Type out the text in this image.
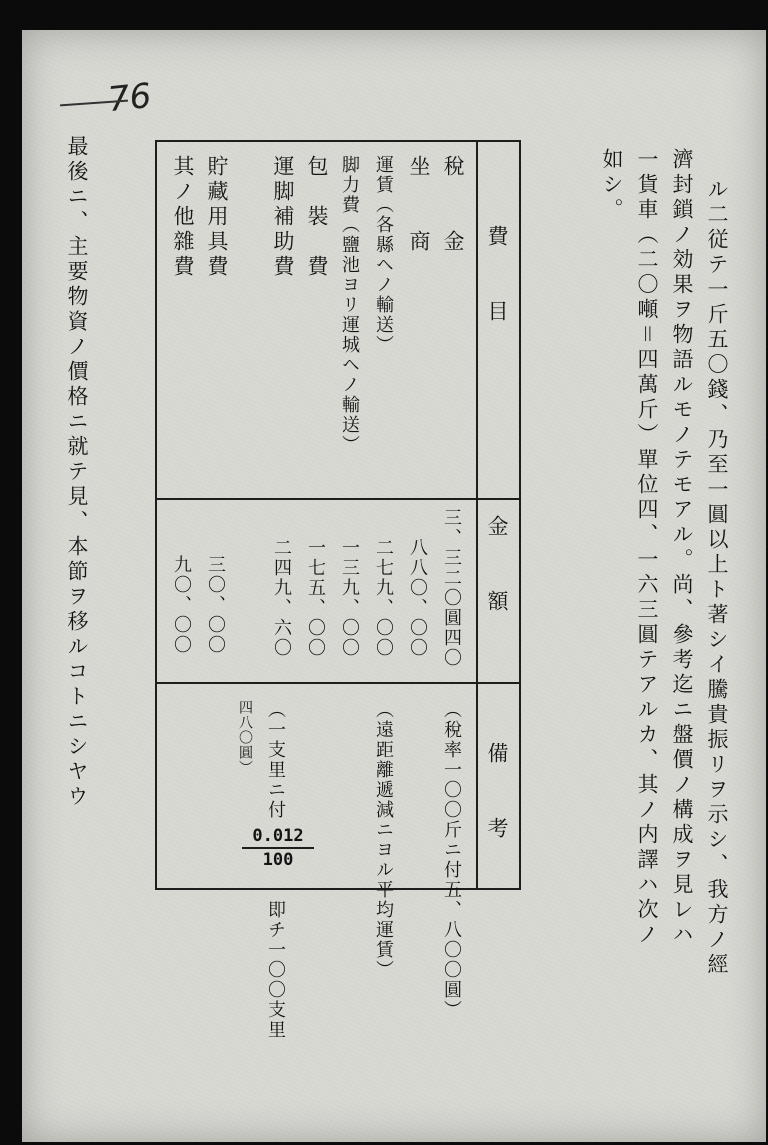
76
ル二従テ一斤五〇錢、乃至一圓以上ト著シイ騰貴振リヲ示シ、我方ノ經
濟封鎖ノ効果ヲ物語ルモノテモアル。尚、參考迄ニ盤價ノ構成ヲ見レハ
一貨車（二〇噸＝四萬斤）單位四、一六三圓テアルカ、其ノ内譯ハ次ノ
如シ。
費　　目
金　　額
備　　考
稅　　金
坐　　商
運賃（各縣ヘノ輸送）
脚力費（鹽池ヨリ運城ヘノ輸送）
包　裝　費
運脚補助費
貯藏用具費
其ノ他雜費
三、三二〇圓四〇
八八〇、〇〇
二七九、〇〇
一三九、〇〇
一七五、〇〇
二四九、六〇
三〇、〇〇
九〇、〇〇
（稅率一〇〇斤ニ付五、八〇〇圓）
（遠距離遞減ニヨル平均運賃）
（一支里ニ付
0.012
100
即チ一〇〇支里
四八〇圓）
最後ニ、主要物資ノ價格ニ就テ見、本節ヲ移ルコトニシヤウ
